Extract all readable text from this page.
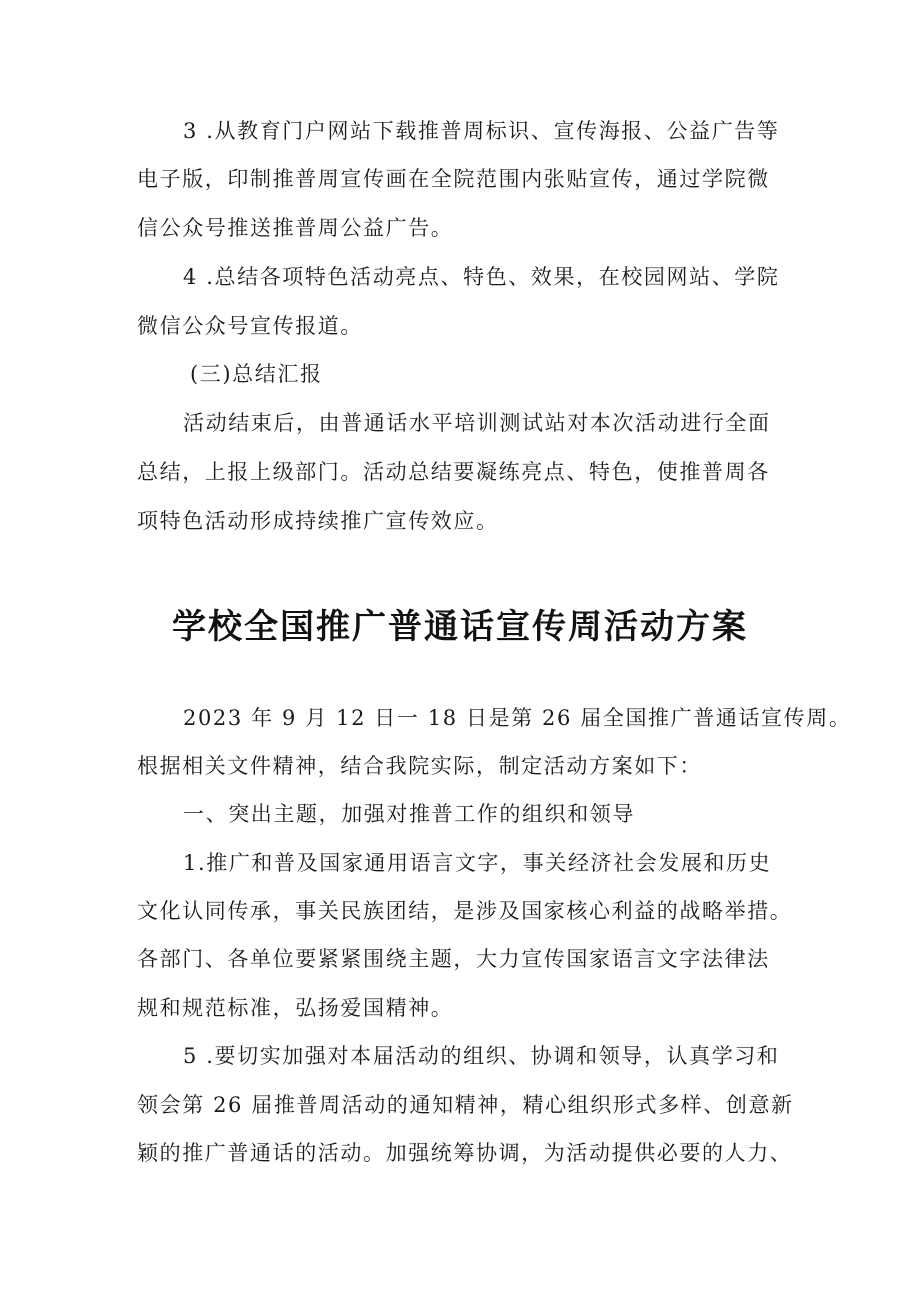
3 .从教育门户网站下载推普周标识、宣传海报、公益广告等

电子版，印制推普周宣传画在全院范围内张贴宣传，通过学院微

信公众号推送推普周公益广告。

4 .总结各项特色活动亮点、特色、效果，在校园网站、学院

微信公众号宣传报道。

(三)总结汇报

活动结束后，由普通话水平培训测试站对本次活动进行全面

总结，上报上级部门。活动总结要凝练亮点、特色，使推普周各

项特色活动形成持续推广宣传效应。

学校全国推广普通话宣传周活动方案

2023 年 9 月 12 日一 18 日是第 26 届全国推广普通话宣传周。

根据相关文件精神，结合我院实际，制定活动方案如下：

一、突出主题，加强对推普工作的组织和领导

1.推广和普及国家通用语言文字，事关经济社会发展和历史

文化认同传承，事关民族团结，是涉及国家核心利益的战略举措。

各部门、各单位要紧紧围绕主题，大力宣传国家语言文字法律法

规和规范标准，弘扬爱国精神。

5 .要切实加强对本届活动的组织、协调和领导，认真学习和

领会第 26 届推普周活动的通知精神，精心组织形式多样、创意新

颖的推广普通话的活动。加强统筹协调，为活动提供必要的人力、
